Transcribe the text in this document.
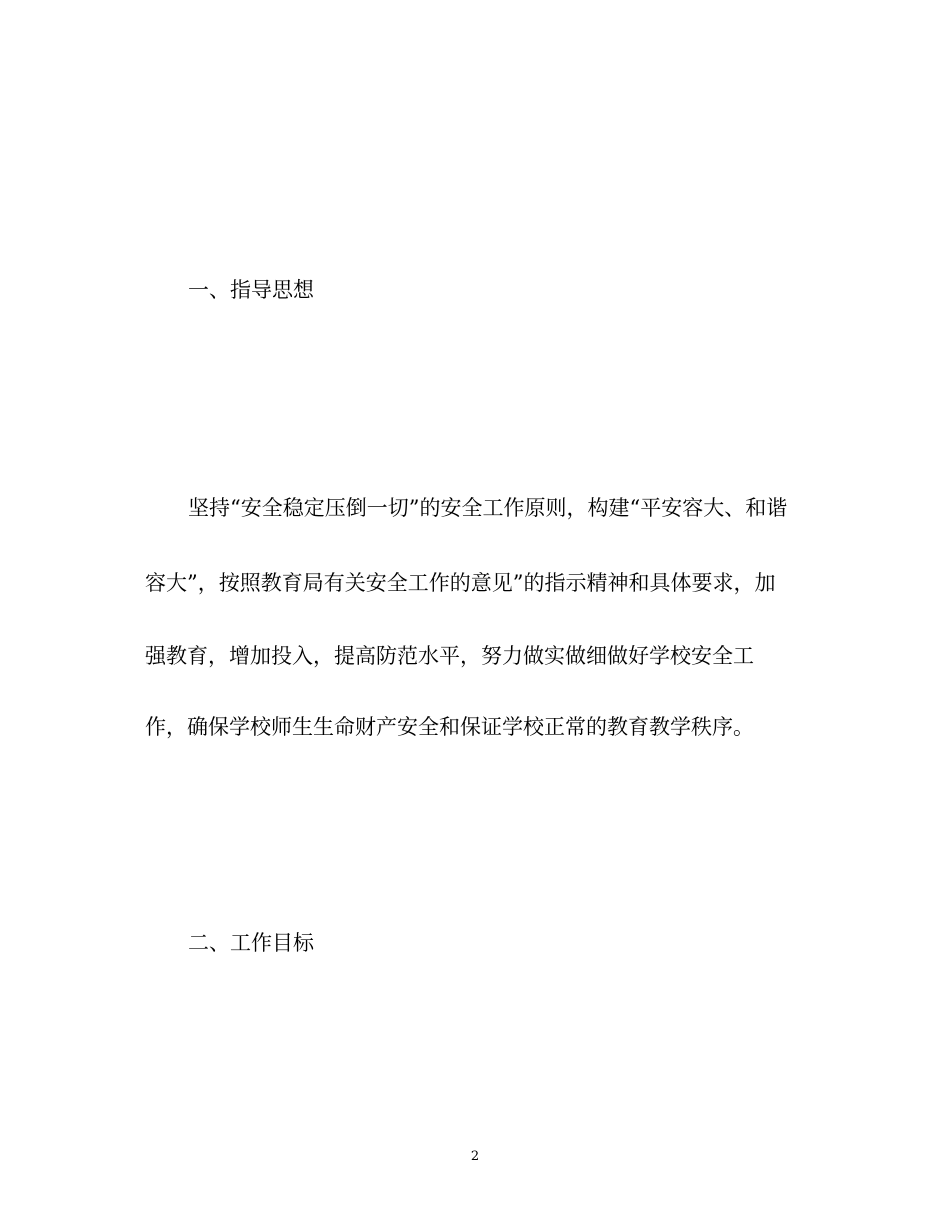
一、指导思想
坚持“安全稳定压倒一切”的安全工作原则，构建“平安容大、和谐
容大”，按照教育局有关安全工作的意见”的指示精神和具体要求，加
强教育，增加投入，提高防范水平，努力做实做细做好学校安全工
作，确保学校师生生命财产安全和保证学校正常的教育教学秩序。
二、工作目标
2
